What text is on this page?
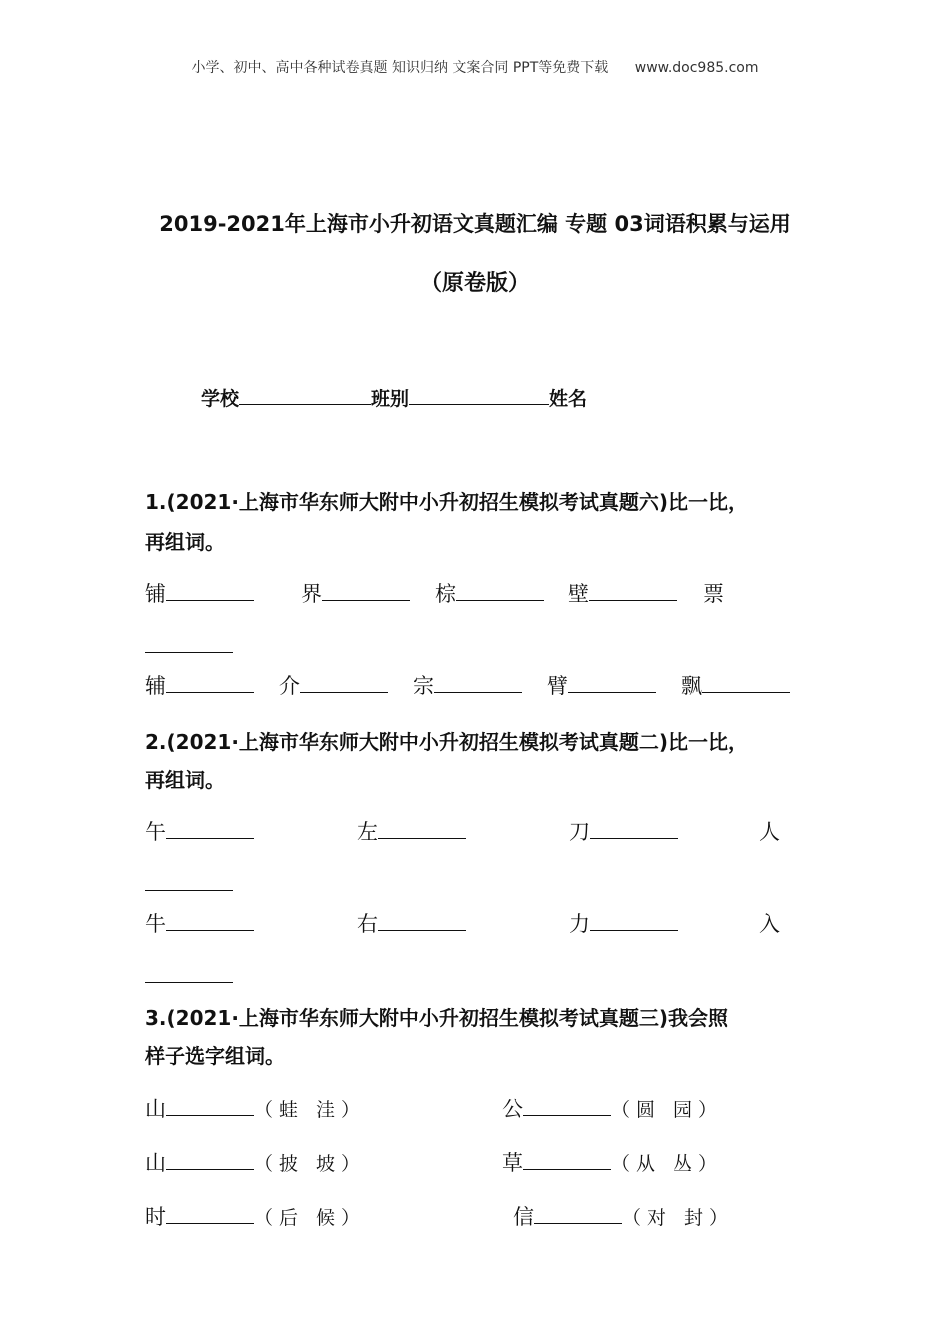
小学、初中、高中各种试卷真题 知识归纳 文案合同 PPT等免费下载 www.doc985.com
2019-2021年上海市小升初语文真题汇编 专题 03词语积累与运用
（原卷版）
学校	班别	姓名
1.(2021·上海市华东师大附中小升初招生模拟考试真题六)比一比，
再组词。
铺	界	棕	壁	票
辅	介	宗	臂	飘
2.(2021·上海市华东师大附中小升初招生模拟考试真题二)比一比，
再组词。
午	左	刀	人
牛	右	力	入
3.(2021·上海市华东师大附中小升初招生模拟考试真题三)我会照
样子选字组词。
山	（蛙 洼）	公	（圆 园）
山	（披 坡）	草	（从 丛）
时	（后 候）	信	（对 封）
